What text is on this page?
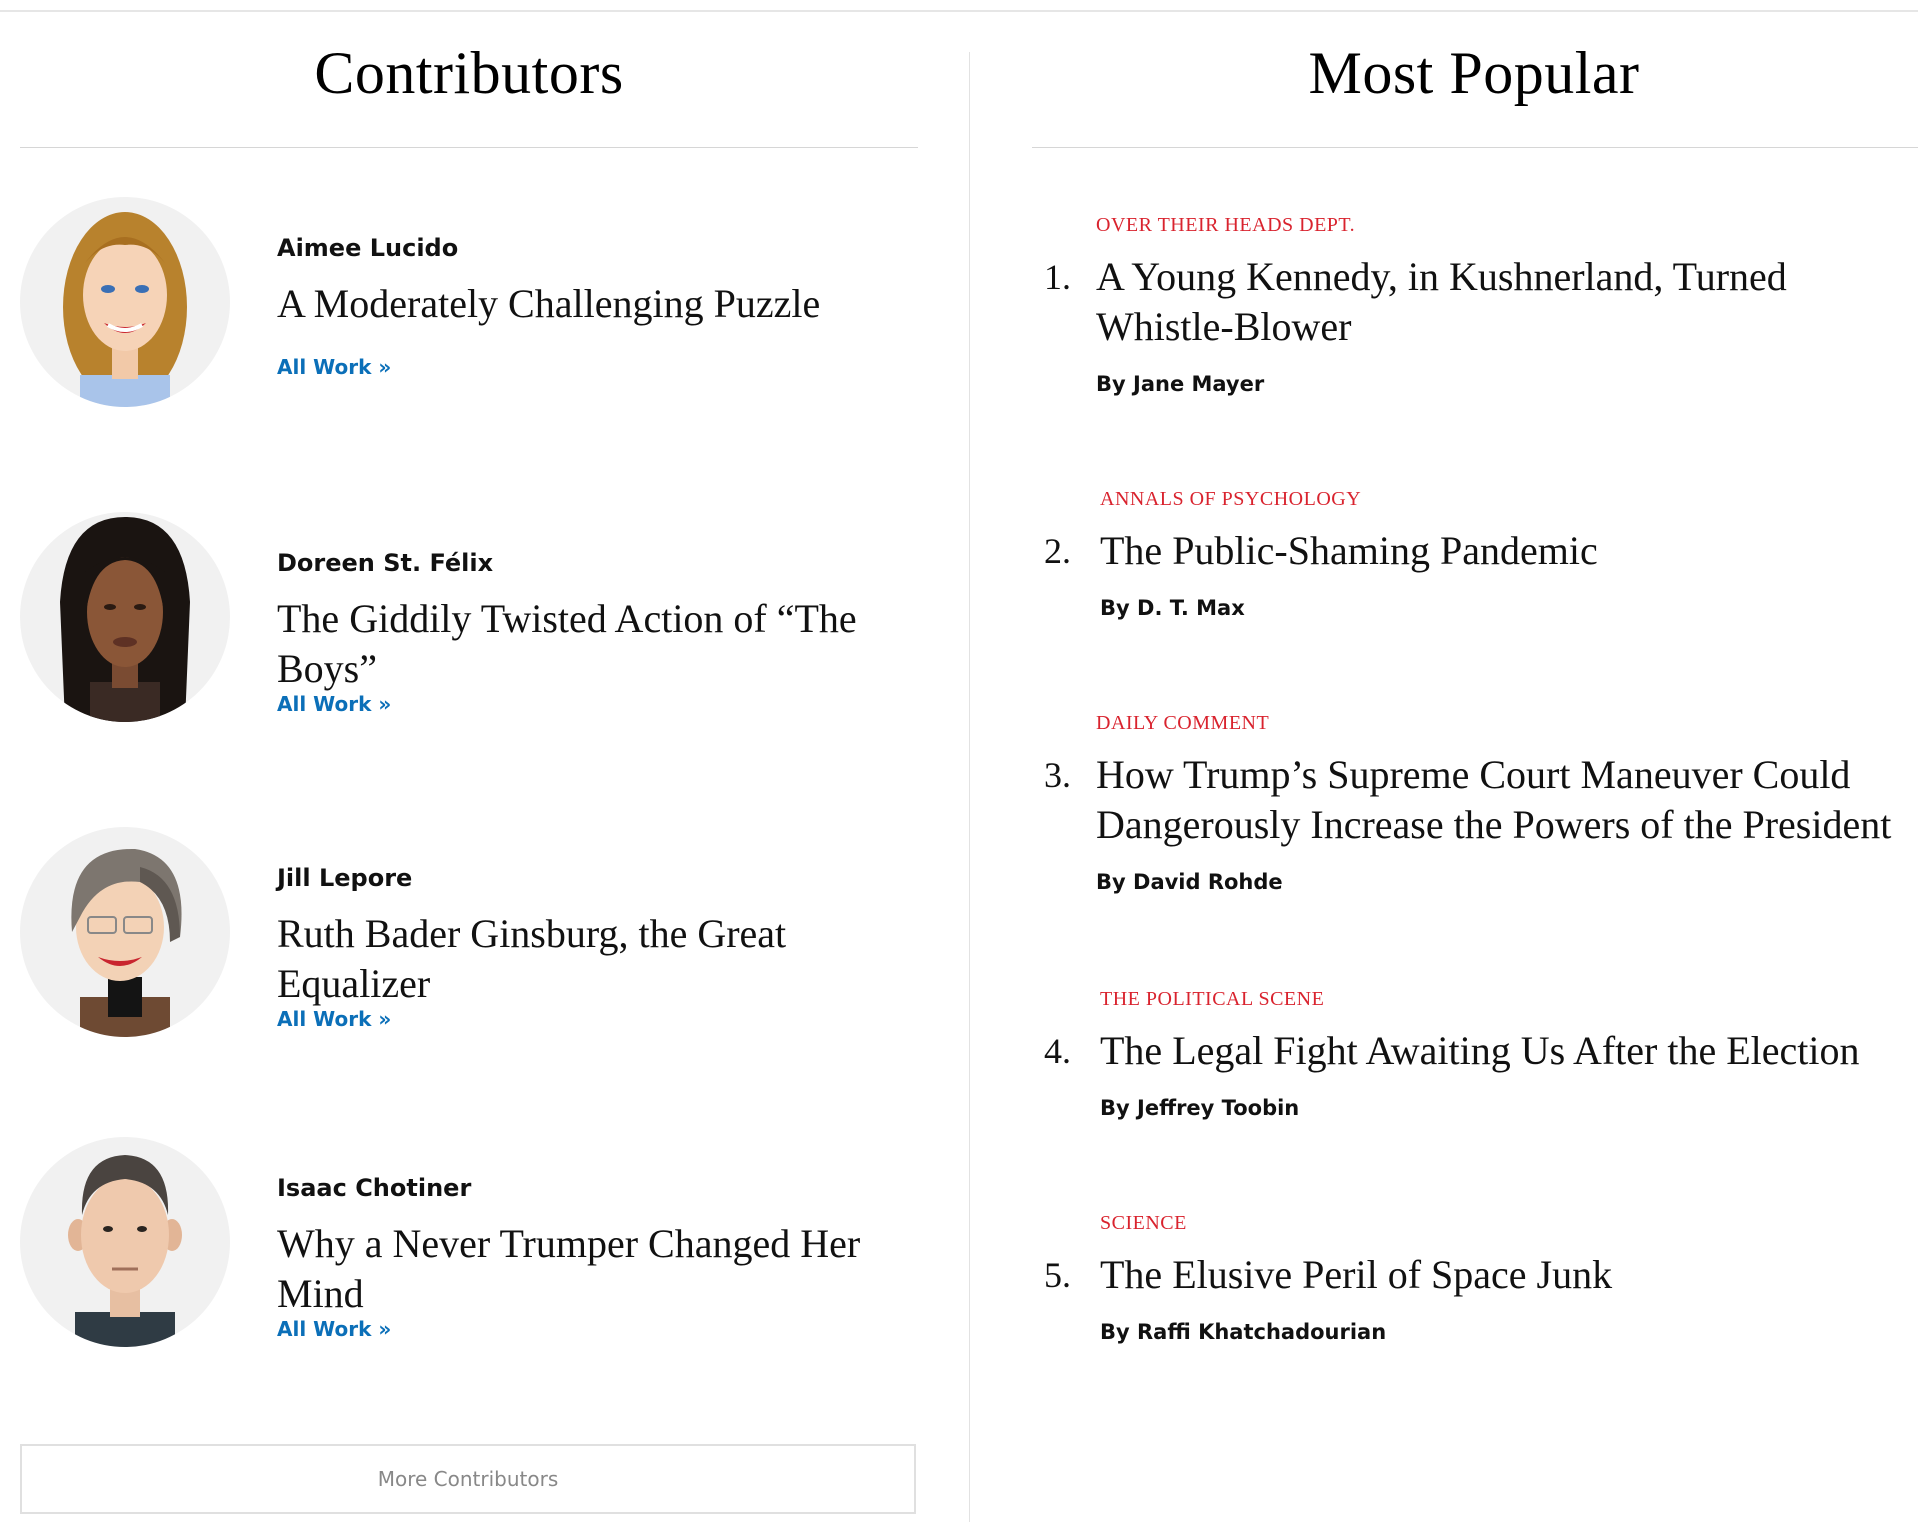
Contributors
Aimee Lucido
A Moderately Challenging Puzzle
All Work »
Doreen St. Félix
The Giddily Twisted Action of “The Boys”
All Work »
Jill Lepore
Ruth Bader Ginsburg, the Great Equalizer
All Work »
Isaac Chotiner
Why a Never Trumper Changed Her Mind
All Work »
More Contributors
Most Popular
OVER THEIR HEADS DEPT.
1. A Young Kennedy, in Kushnerland, Turned Whistle-Blower
By Jane Mayer
ANNALS OF PSYCHOLOGY
2. The Public-Shaming Pandemic
By D. T. Max
DAILY COMMENT
3. How Trump’s Supreme Court Maneuver Could Dangerously Increase the Powers of the President
By David Rohde
THE POLITICAL SCENE
4. The Legal Fight Awaiting Us After the Election
By Jeffrey Toobin
SCIENCE
5. The Elusive Peril of Space Junk
By Raffi Khatchadourian
